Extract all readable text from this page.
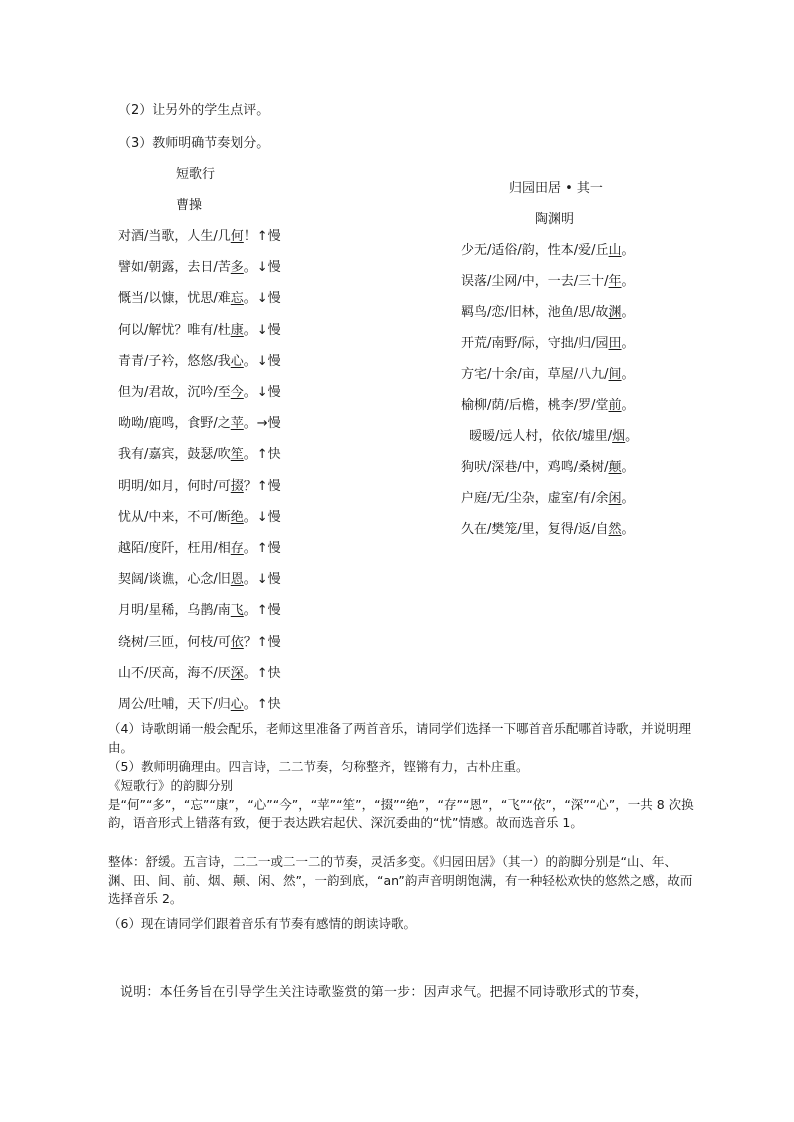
（2）让另外的学生点评。
（3）教师明确节奏划分。
短歌行
曹操
对酒/当歌，人生/几何！↑慢
譬如/朝露，去日/苦多。↓慢
慨当/以慷，忧思/难忘。↓慢
何以/解忧？唯有/杜康。↓慢
青青/子衿，悠悠/我心。↓慢
但为/君故，沉吟/至今。↓慢
呦呦/鹿鸣，食野/之苹。→慢
我有/嘉宾，鼓瑟/吹笙。↑快
明明/如月，何时/可掇？↑慢
忧从/中来，不可/断绝。↓慢
越陌/度阡，枉用/相存。↑慢
契阔/谈谯，心念/旧恩。↓慢
月明/星稀，乌鹊/南飞。↑慢
绕树/三匝，何枝/可依？↑慢
山不/厌高，海不/厌深。↑快
周公/吐哺，天下/归心。↑快
归园田居 • 其一
陶渊明
少无/适俗/韵，性本/爱/丘山。
误落/尘网/中，一去/三十/年。
羁鸟/恋/旧林，池鱼/思/故渊。
开荒/南野/际，守拙/归/园田。
方宅/十余/亩，草屋/八九/间。
榆柳/荫/后檐，桃李/罗/堂前。
暧暧/远人村，依依/墟里/烟。
狗吠/深巷/中，鸡鸣/桑树/颠。
户庭/无/尘杂，虚室/有/余闲。
久在/樊笼/里，复得/返/自然。
（4）诗歌朗诵一般会配乐，老师这里准备了两首音乐，请同学们选择一下哪首音乐配哪首诗歌，并说明理由。
（5）教师明确理由。四言诗，二二节奏，匀称整齐，铿锵有力，古朴庄重。
《短歌行》的韵脚分别是“何”“多”，“忘”“康”，“心”“今”，“苹”“笙”，“掇”“绝”，“存”“恩”，“飞”“依”，“深”“心”，一共 8 次换韵，语音形式上错落有致，便于表达跌宕起伏、深沉委曲的“忧”情感。故而选音乐 1。
整体：舒缓。五言诗，二二一或二一二的节奏，灵活多变。《归园田居》（其一）的韵脚分别是“山、年、渊、田、间、前、烟、颠、闲、然”，一韵到底，“an”韵声音明朗饱满，有一种轻松欢快的悠然之感，故而选择音乐 2。
（6）现在请同学们跟着音乐有节奏有感情的朗读诗歌。
说明：本任务旨在引导学生关注诗歌鉴赏的第一步：因声求气。把握不同诗歌形式的节奏，
